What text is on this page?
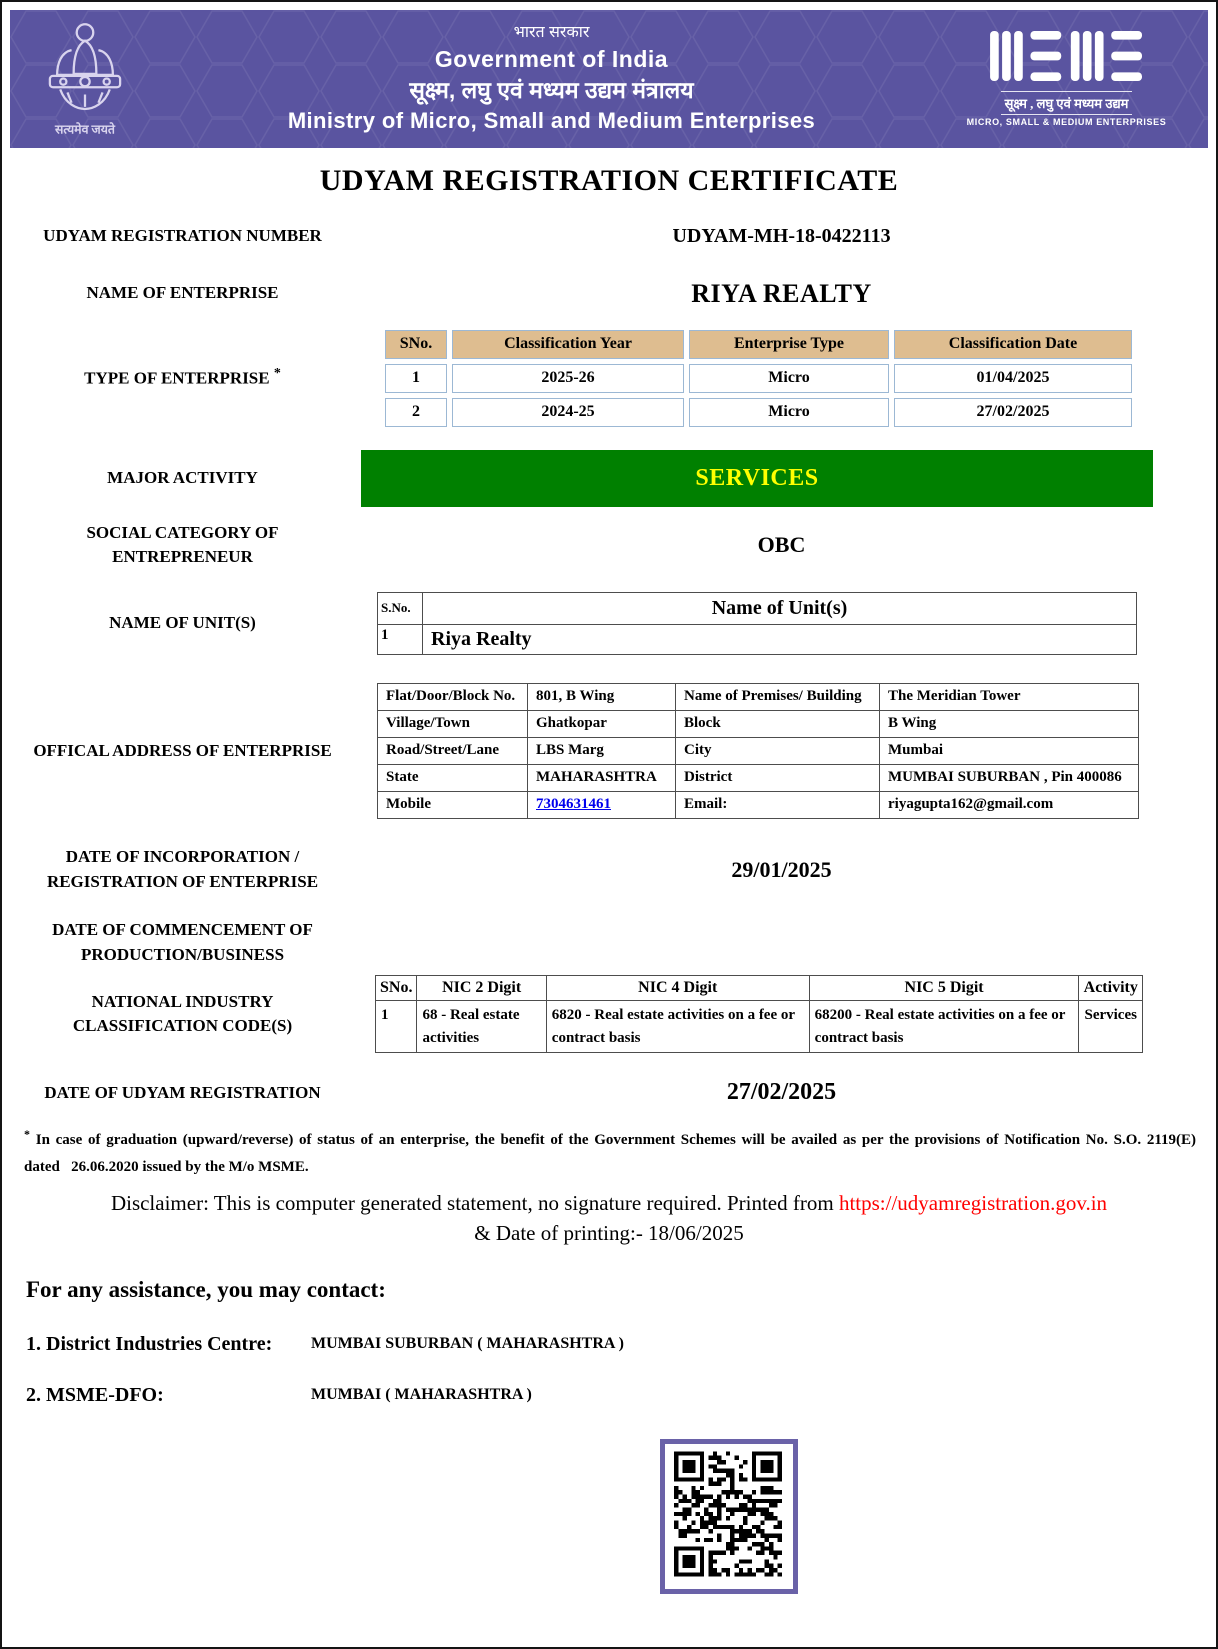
सत्यमेव जयते
भारत सरकार
Government of India
सूक्ष्म, लघु एवं मध्यम उद्यम मंत्रालय
Ministry of Micro, Small and Medium Enterprises
सूक्ष्म , लघु एवं मध्यम उद्यम
MICRO, SMALL & MEDIUM ENTERPRISES
UDYAM REGISTRATION CERTIFICATE
UDYAM REGISTRATION NUMBER	UDYAM-MH-18-0422113
NAME OF ENTERPRISE	RIYA REALTY
TYPE OF ENTERPRISE *
SNo.	Classification Year	Enterprise Type	Classification Date
1	2025-26	Micro	01/04/2025
2	2024-25	Micro	27/02/2025
MAJOR ACTIVITY	SERVICES
SOCIAL CATEGORY OF
ENTREPRENEUR	OBC
NAME OF UNIT(S)
S.No.	Name of Unit(s)
1	Riya Realty
OFFICAL ADDRESS OF ENTERPRISE
Flat/Door/Block No.	801, B Wing	Name of Premises/ Building	The Meridian Tower
Village/Town	Ghatkopar	Block	B Wing
Road/Street/Lane	LBS Marg	City	Mumbai
State	MAHARASHTRA	District	MUMBAI SUBURBAN , Pin 400086
Mobile	7304631461	Email:	riyagupta162@gmail.com
DATE OF INCORPORATION /
REGISTRATION OF ENTERPRISE	29/01/2025
DATE OF COMMENCEMENT OF
PRODUCTION/BUSINESS
NATIONAL INDUSTRY
CLASSIFICATION CODE(S)
SNo.	NIC 2 Digit	NIC 4 Digit	NIC 5 Digit	Activity
1	68 - Real estate activities	6820 - Real estate activities on a fee or contract basis	68200 - Real estate activities on a fee or contract basis	Services
DATE OF UDYAM REGISTRATION	27/02/2025
* In case of graduation (upward/reverse) of status of an enterprise, the benefit of the Government Schemes will be availed as per the provisions of Notification No. S.O. 2119(E) dated   26.06.2020 issued by the M/o MSME.
Disclaimer: This is computer generated statement, no signature required. Printed from https://udyamregistration.gov.in
& Date of printing:- 18/06/2025
For any assistance, you may contact:
1. District Industries Centre:	MUMBAI SUBURBAN ( MAHARASHTRA )
2. MSME-DFO:	MUMBAI ( MAHARASHTRA )
